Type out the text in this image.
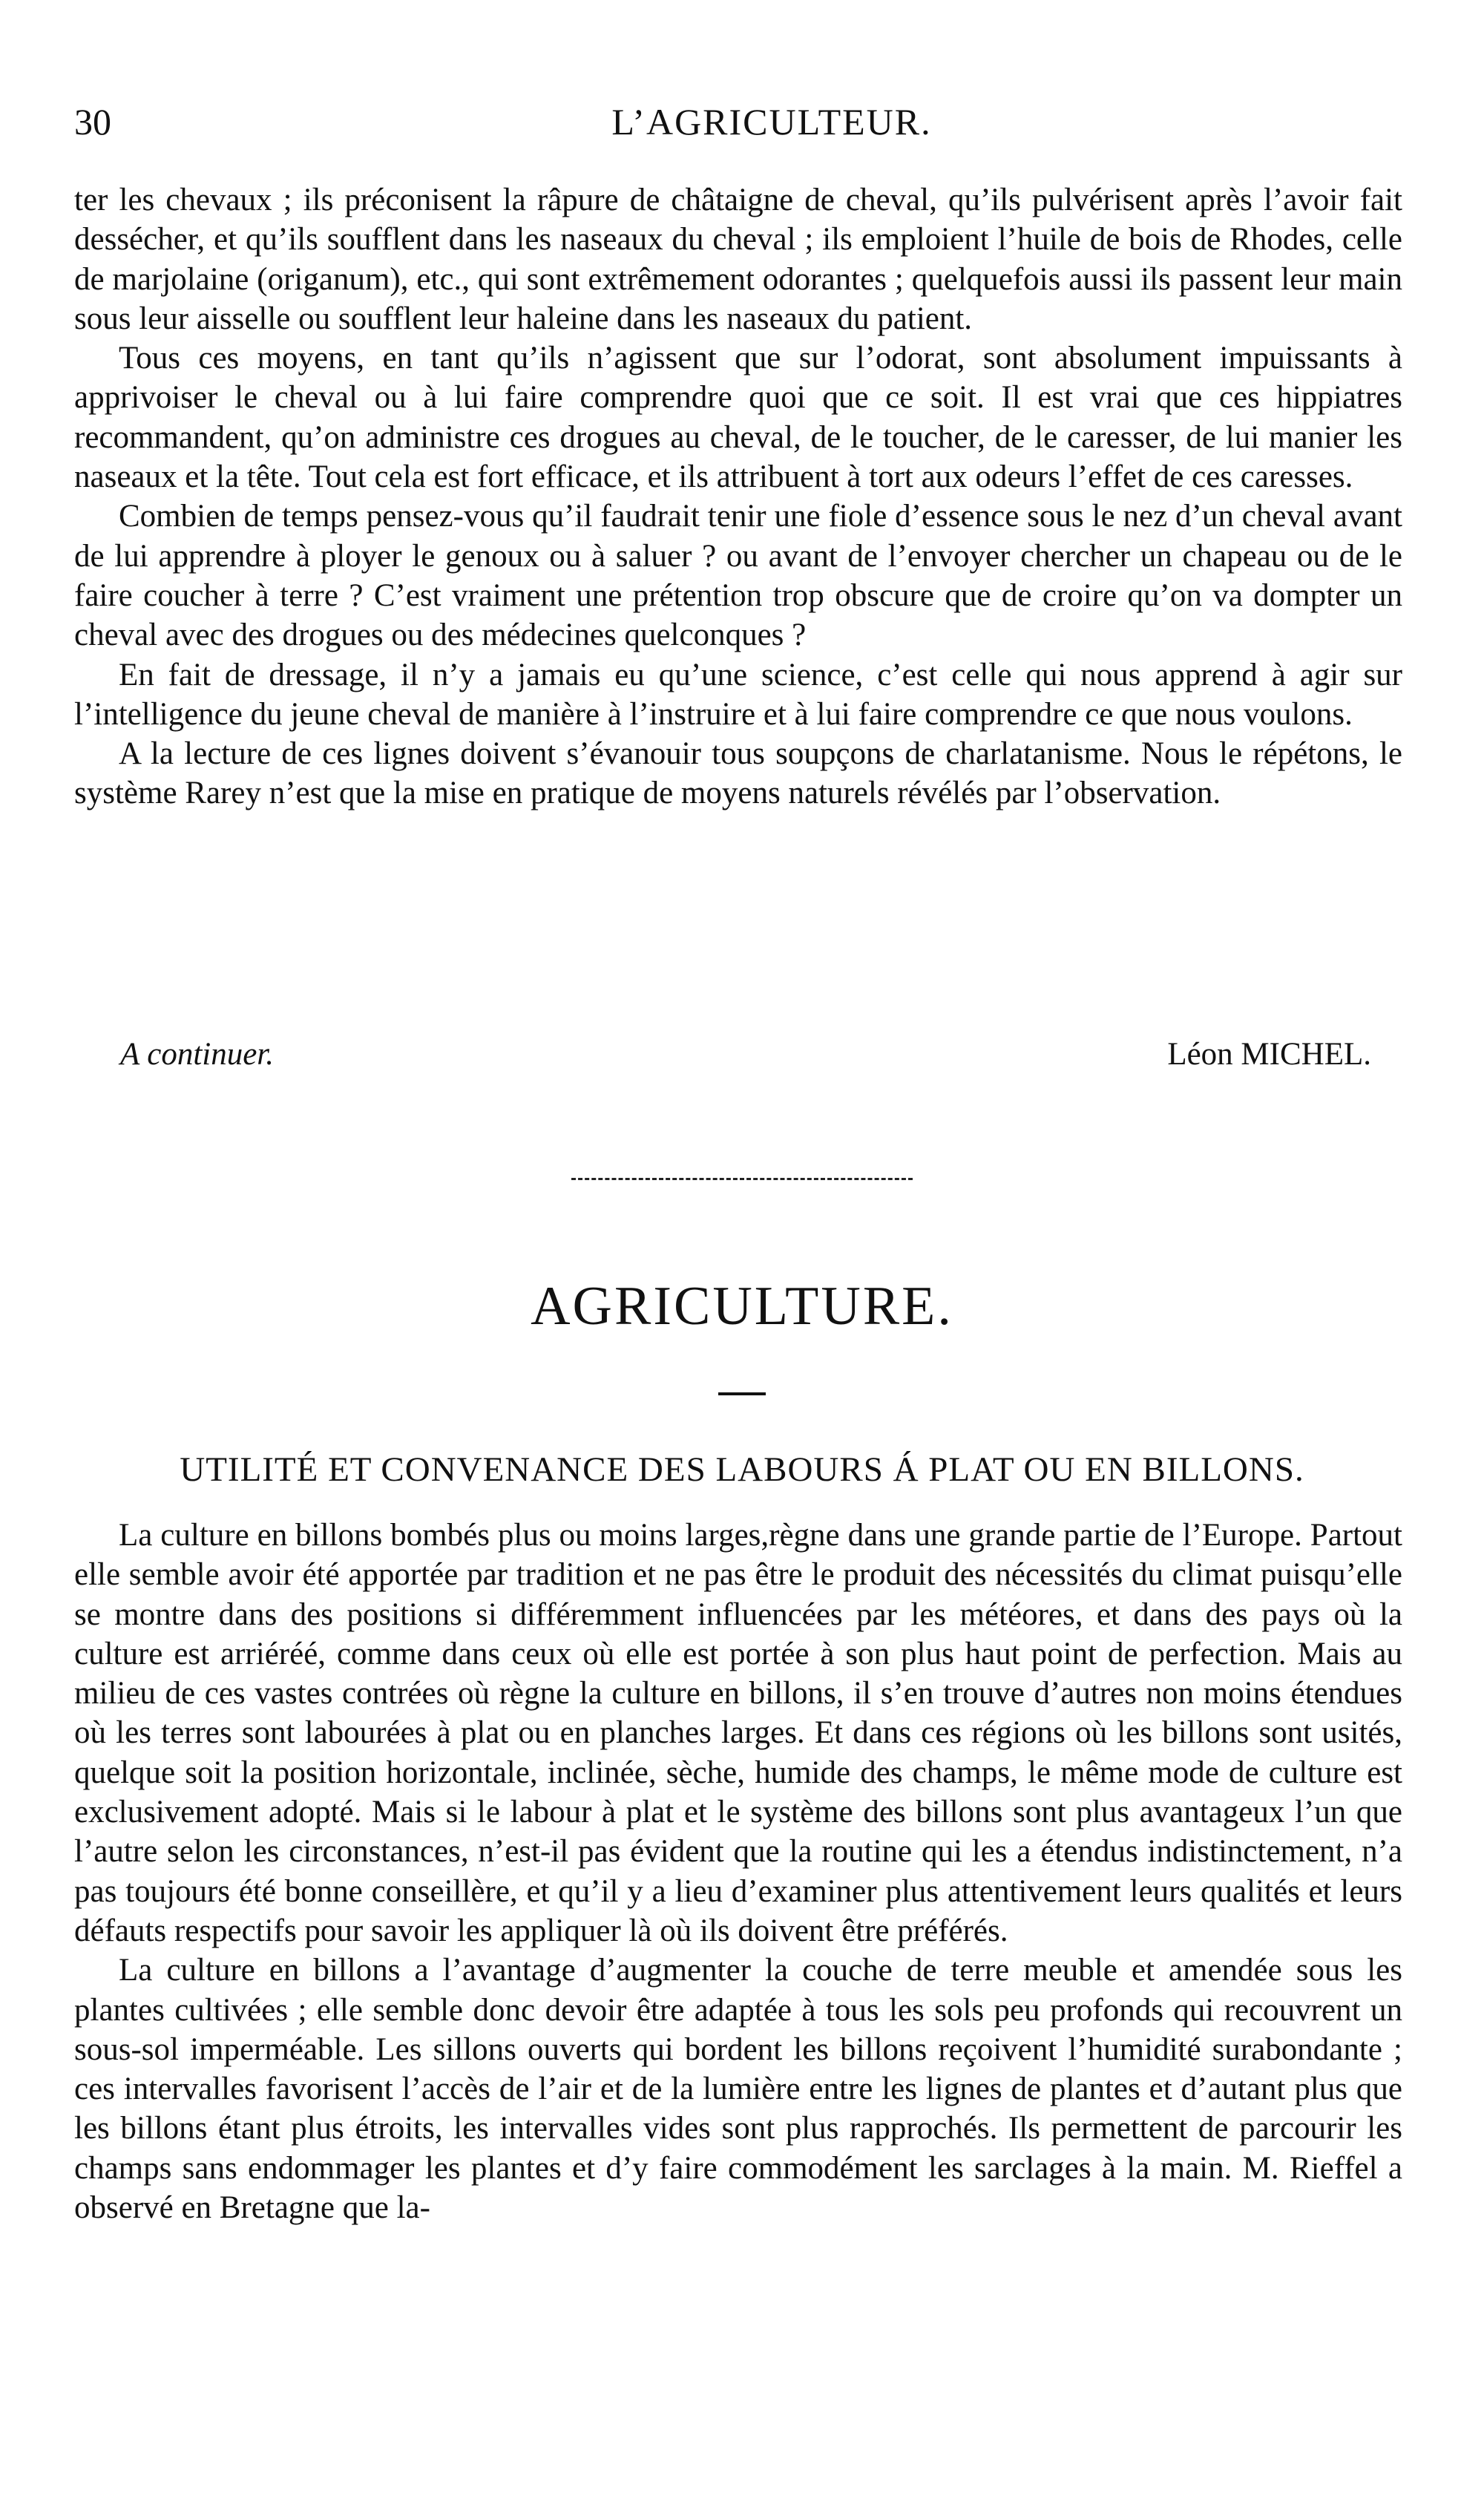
30	L’AGRICULTEUR.

ter les chevaux ; ils préconisent la râpure de châtaigne de cheval, qu’ils pulvérisent après l’avoir fait dessécher, et qu’ils soufflent dans les naseaux du cheval ; ils emploient l’huile de bois de Rhodes, celle de marjolaine (origanum), etc., qui sont extrêmement odorantes ; quelquefois aussi ils passent leur main sous leur aisselle ou soufflent leur haleine dans les naseaux du patient.

Tous ces moyens, en tant qu’ils n’agissent que sur l’odorat, sont absolument impuissants à apprivoiser le cheval ou à lui faire comprendre quoi que ce soit. Il est vrai que ces hippiatres recommandent, qu’on administre ces drogues au cheval, de le toucher, de le caresser, de lui manier les naseaux et la tête. Tout cela est fort efficace, et ils attribuent à tort aux odeurs l’effet de ces caresses.

Combien de temps pensez-vous qu’il faudrait tenir une fiole d’essence sous le nez d’un cheval avant de lui apprendre à ployer le genoux ou à saluer ? ou avant de l’envoyer chercher un chapeau ou de le faire coucher à terre ? C’est vraiment une prétention trop obscure que de croire qu’on va dompter un cheval avec des drogues ou des médecines quelconques ?

En fait de dressage, il n’y a jamais eu qu’une science, c’est celle qui nous apprend à agir sur l’intelligence du jeune cheval de manière à l’instruire et à lui faire comprendre ce que nous voulons.

A la lecture de ces lignes doivent s’évanouir tous soupçons de charlatanisme. Nous le répétons, le système Rarey n’est que la mise en pratique de moyens naturels révélés par l’observation.

A continuer.	Léon MICHEL.
AGRICULTURE.
UTILITÉ ET CONVENANCE DES LABOURS Á PLAT OU EN BILLONS.

La culture en billons bombés plus ou moins larges,règne dans une grande partie de l’Europe. Partout elle semble avoir été apportée par tradition et ne pas être le produit des nécessités du climat puisqu’elle se montre dans des positions si différemment influencées par les météores, et dans des pays où la culture est arriéréé, comme dans ceux où elle est portée à son plus haut point de perfection. Mais au milieu de ces vastes contrées où règne la culture en billons, il s’en trouve d’autres non moins étendues où les terres sont labourées à plat ou en planches larges. Et dans ces régions où les billons sont usités, quelque soit la position horizontale, inclinée, sèche, humide des champs, le même mode de culture est exclusivement adopté. Mais si le labour à plat et le système des billons sont plus avantageux l’un que l’autre selon les circonstances, n’est-il pas évident que la routine qui les a étendus indistinctement, n’a pas toujours été bonne conseillère, et qu’il y a lieu d’examiner plus attentivement leurs qualités et leurs défauts respectifs pour savoir les appliquer là où ils doivent être préférés.

La culture en billons a l’avantage d’augmenter la couche de terre meuble et amendée sous les plantes cultivées ; elle semble donc devoir être adaptée à tous les sols peu profonds qui recouvrent un sous-sol imperméable. Les sillons ouverts qui bordent les billons reçoivent l’humidité surabondante ; ces intervalles favorisent l’accès de l’air et de la lumière entre les lignes de plantes et d’autant plus que les billons étant plus étroits, les intervalles vides sont plus rapprochés. Ils permettent de parcourir les champs sans endommager les plantes et d’y faire commodément les sarclages à la main. M. Rieffel a observé en Bretagne que la-
